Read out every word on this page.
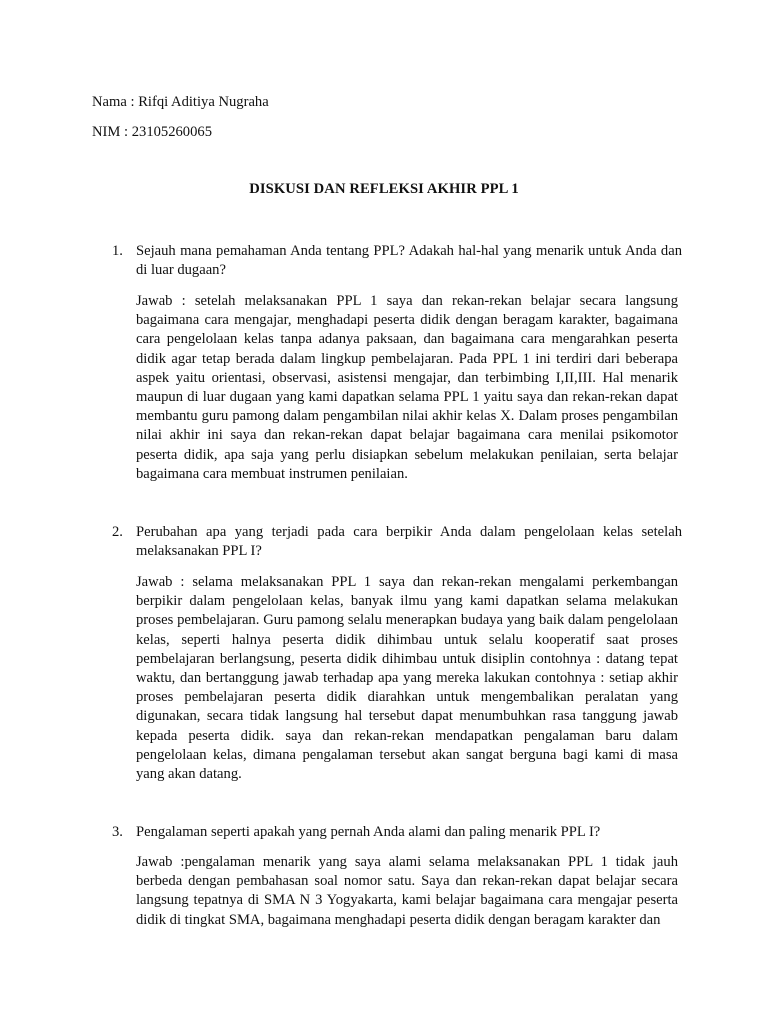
Nama : Rifqi Aditiya Nugraha
NIM : 23105260065
DISKUSI DAN REFLEKSI AKHIR PPL 1
1. Sejauh mana pemahaman Anda tentang PPL? Adakah hal-hal yang menarik untuk Anda dan di luar dugaan?
Jawab : setelah melaksanakan PPL 1 saya dan rekan-rekan belajar secara langsung bagaimana cara mengajar, menghadapi peserta didik dengan beragam karakter, bagaimana cara pengelolaan kelas tanpa adanya paksaan, dan bagaimana cara mengarahkan peserta didik agar tetap berada dalam lingkup pembelajaran. Pada PPL 1 ini terdiri dari beberapa aspek yaitu orientasi, observasi, asistensi mengajar, dan terbimbing I,II,III. Hal menarik maupun di luar dugaan yang kami dapatkan selama PPL 1 yaitu saya dan rekan-rekan dapat membantu guru pamong dalam pengambilan nilai akhir kelas X. Dalam proses pengambilan nilai akhir ini saya dan rekan-rekan dapat belajar bagaimana cara menilai psikomotor peserta didik, apa saja yang perlu disiapkan sebelum melakukan penilaian, serta belajar bagaimana cara membuat instrumen penilaian.
2. Perubahan apa yang terjadi pada cara berpikir Anda dalam pengelolaan kelas setelah melaksanakan PPL I?
Jawab : selama melaksanakan PPL 1 saya dan rekan-rekan mengalami perkembangan berpikir dalam pengelolaan kelas, banyak ilmu yang kami dapatkan selama melakukan proses pembelajaran. Guru pamong selalu menerapkan budaya yang baik dalam pengelolaan kelas, seperti halnya peserta didik dihimbau untuk selalu kooperatif saat proses pembelajaran berlangsung, peserta didik dihimbau untuk disiplin contohnya : datang tepat waktu, dan bertanggung jawab terhadap apa yang mereka lakukan contohnya : setiap akhir proses pembelajaran peserta didik diarahkan untuk mengembalikan peralatan yang digunakan, secara tidak langsung hal tersebut dapat menumbuhkan rasa tanggung jawab kepada peserta didik. saya dan rekan-rekan mendapatkan pengalaman baru dalam pengelolaan kelas, dimana pengalaman tersebut akan sangat berguna bagi kami di masa yang akan datang.
3. Pengalaman seperti apakah yang pernah Anda alami dan paling menarik PPL I?
Jawab :pengalaman menarik yang saya alami selama melaksanakan PPL 1 tidak jauh berbeda dengan pembahasan soal nomor satu. Saya dan rekan-rekan dapat belajar secara langsung tepatnya di SMA N 3 Yogyakarta, kami belajar bagaimana cara mengajar peserta didik di tingkat SMA, bagaimana menghadapi peserta didik dengan beragam karakter dan
